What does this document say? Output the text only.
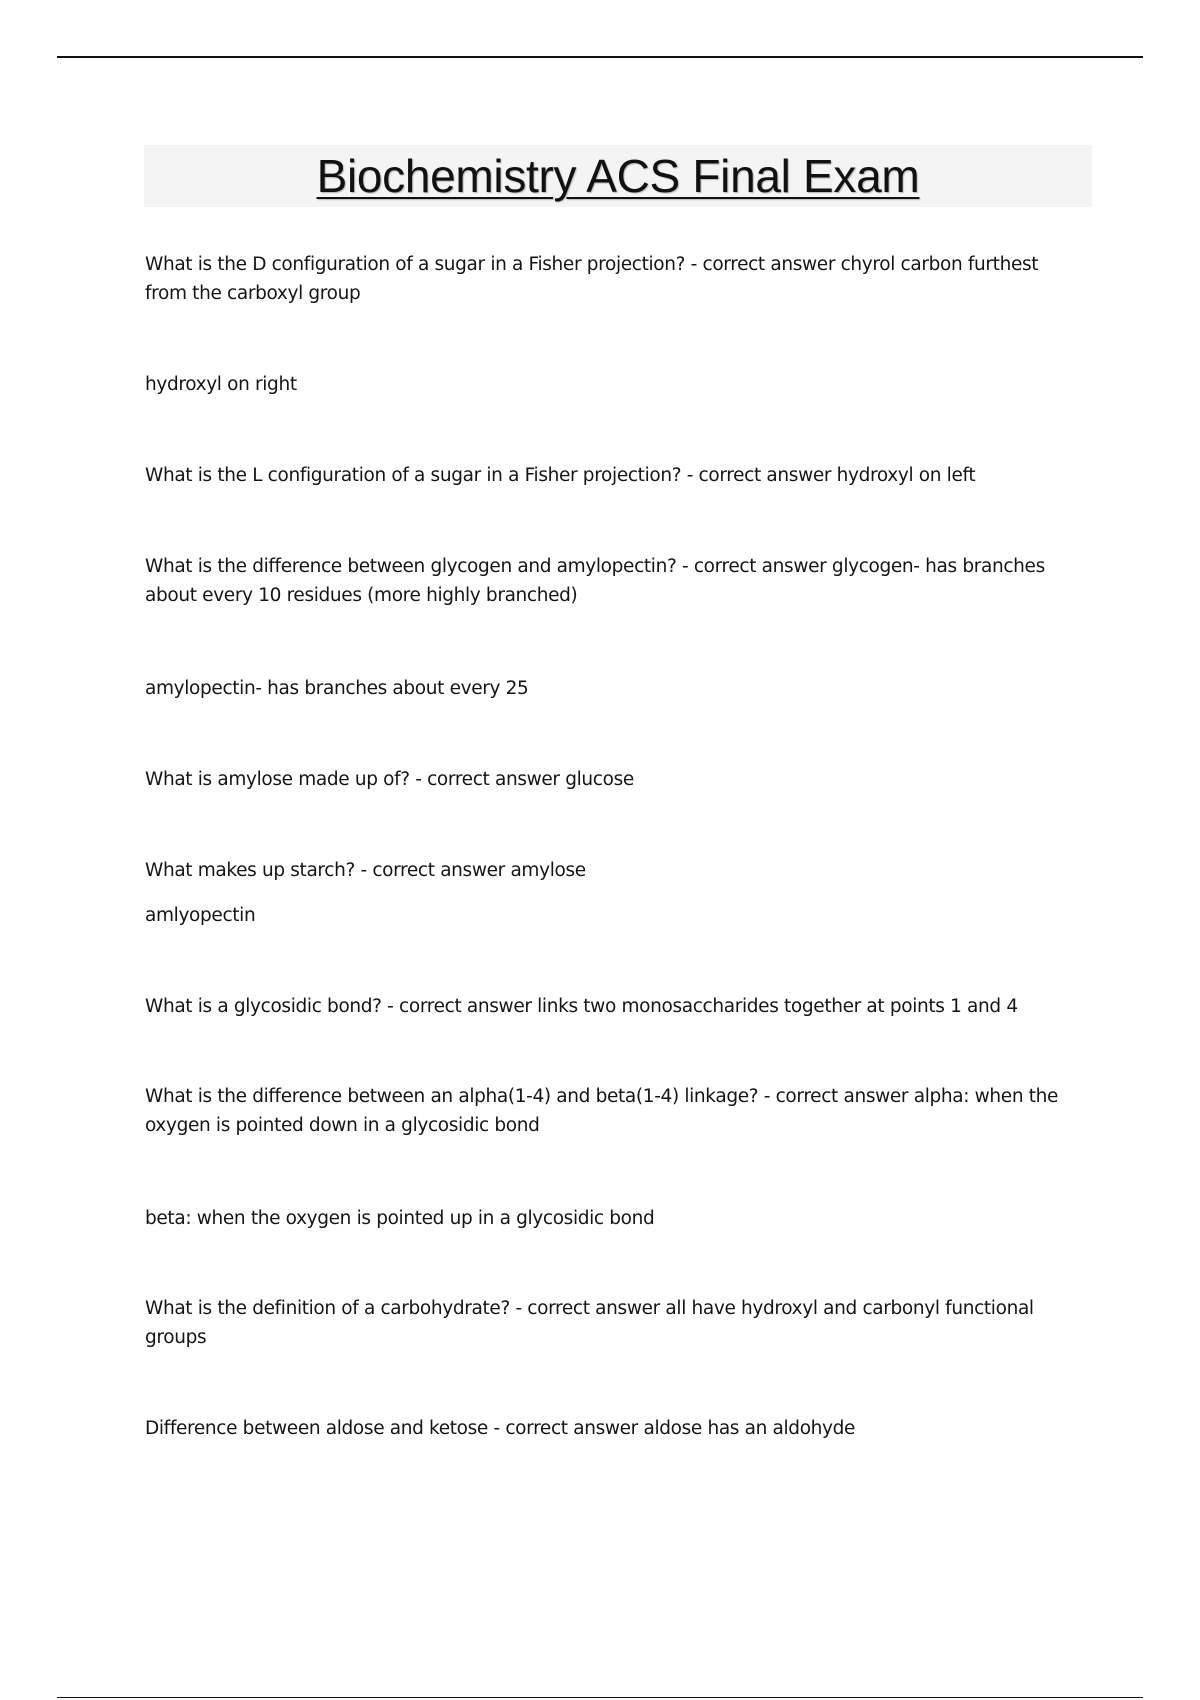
Biochemistry ACS Final Exam

What is the D configuration of a sugar in a Fisher projection? - correct answer chyrol carbon furthest from the carboxyl group

hydroxyl on right

What is the L configuration of a sugar in a Fisher projection? - correct answer hydroxyl on left

What is the difference between glycogen and amylopectin? - correct answer glycogen- has branches about every 10 residues (more highly branched)

amylopectin- has branches about every 25

What is amylose made up of? - correct answer glucose

What makes up starch? - correct answer amylose

amlyopectin

What is a glycosidic bond? - correct answer links two monosaccharides together at points 1 and 4

What is the difference between an alpha(1-4) and beta(1-4) linkage? - correct answer alpha: when the oxygen is pointed down in a glycosidic bond

beta: when the oxygen is pointed up in a glycosidic bond

What is the definition of a carbohydrate? - correct answer all have hydroxyl and carbonyl functional groups

Difference between aldose and ketose - correct answer aldose has an aldohyde
